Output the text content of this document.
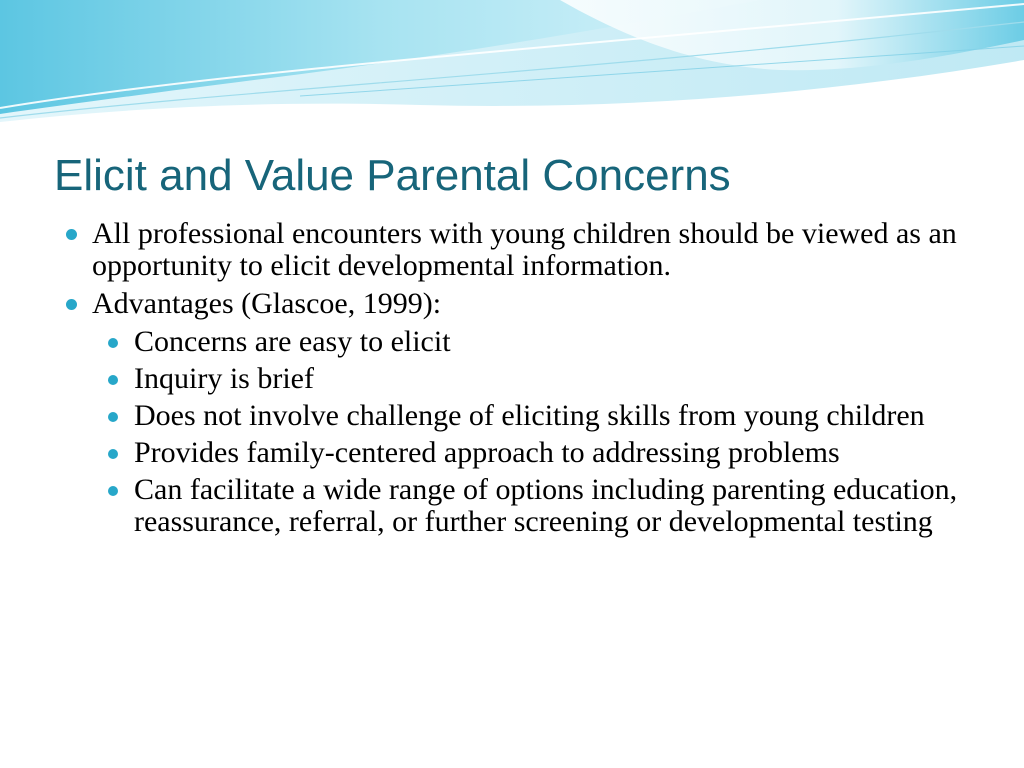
Elicit and Value Parental Concerns
All professional encounters with young children should be viewed as an opportunity to elicit developmental information.
Advantages (Glascoe, 1999):
Concerns are easy to elicit
Inquiry is brief
Does not involve challenge of eliciting skills from young children
Provides family-centered approach to addressing problems
Can facilitate a wide range of options including parenting education, reassurance, referral, or further screening or developmental testing
